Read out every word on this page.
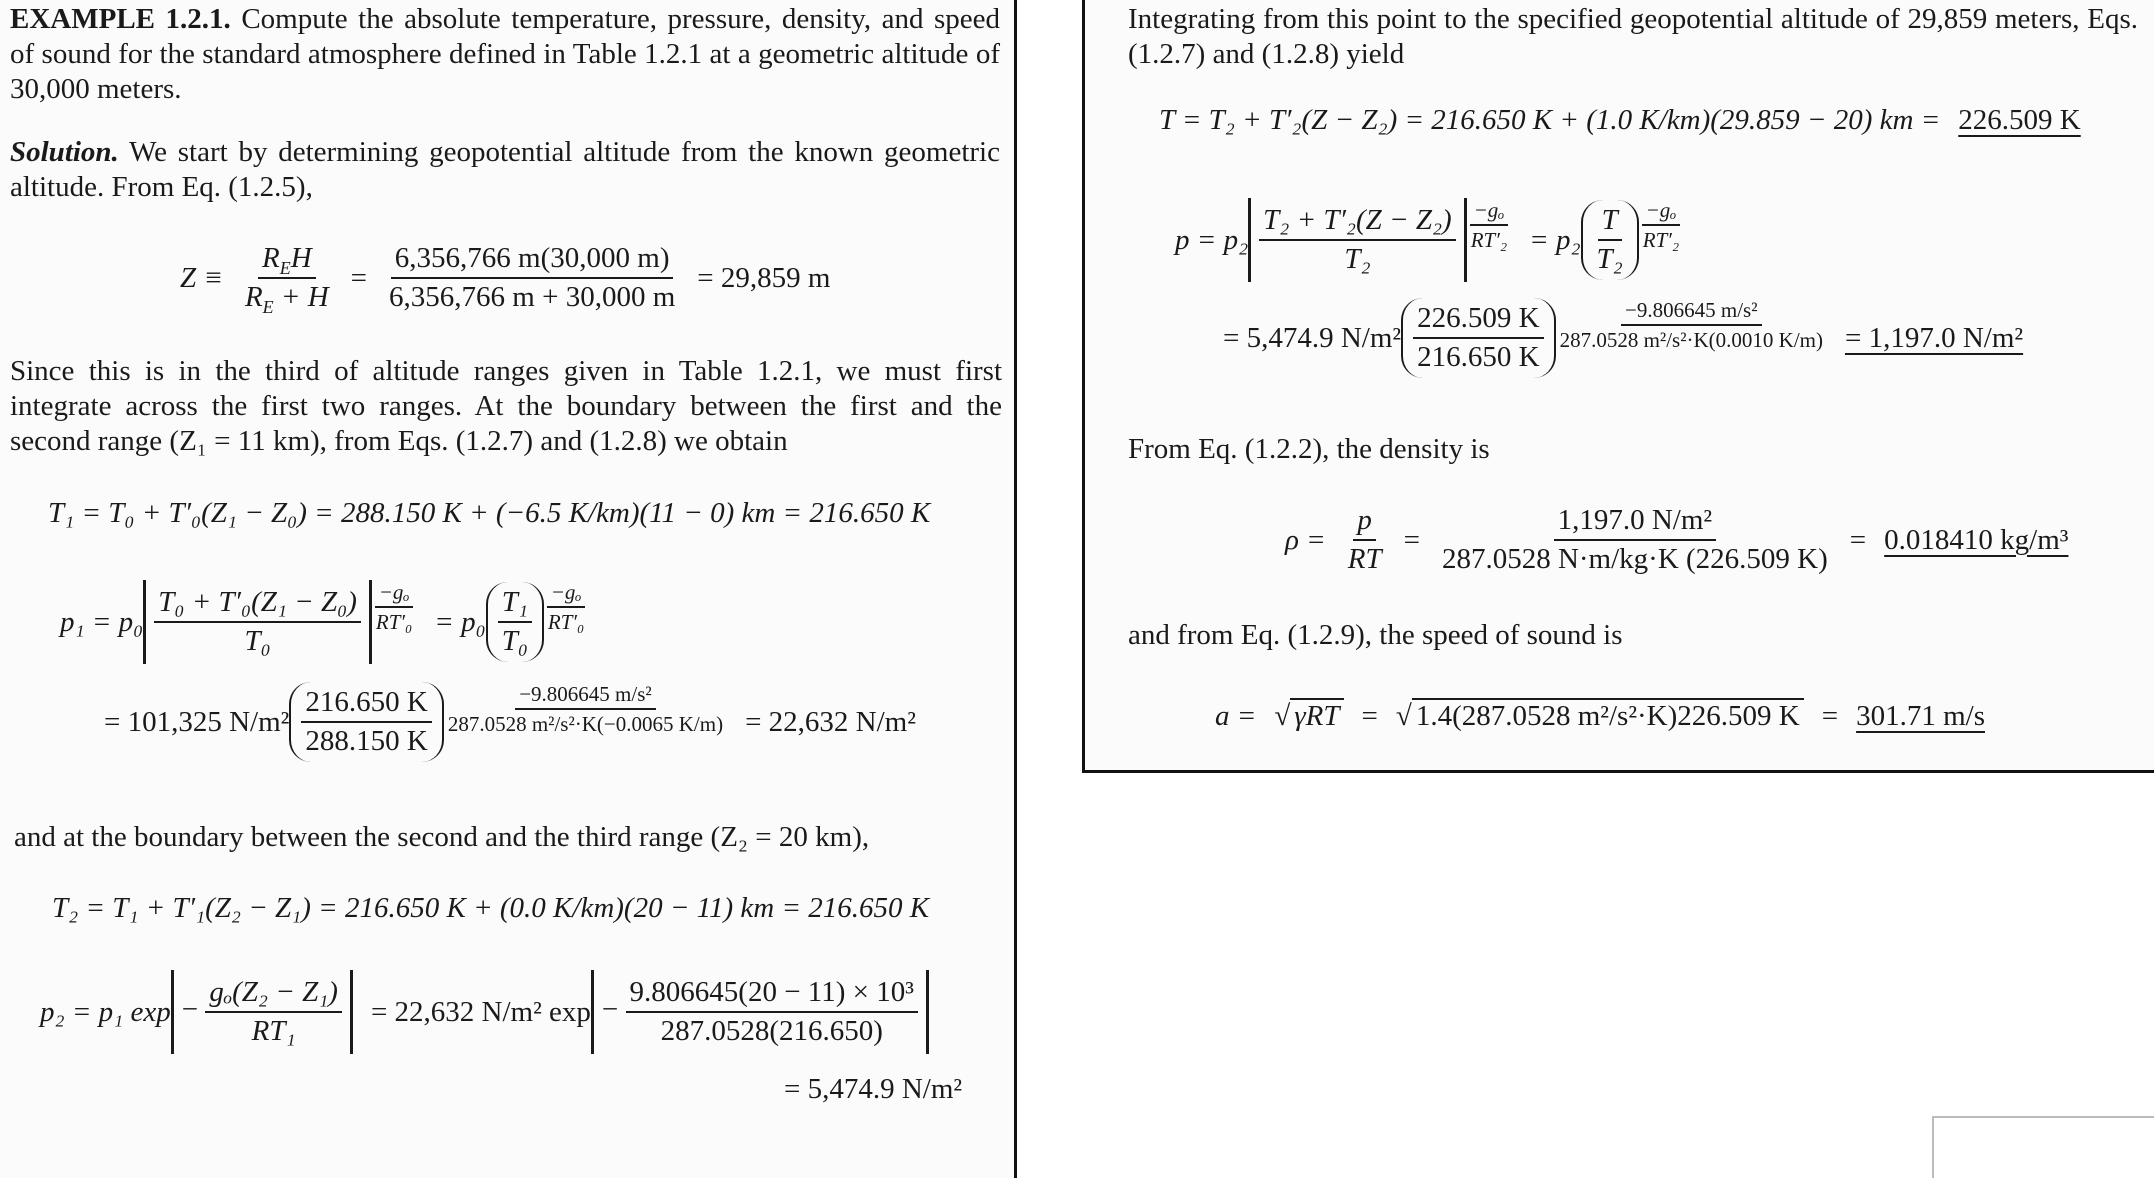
EXAMPLE 1.2.1. Compute the absolute temperature, pressure, density, and speed of sound for the standard atmosphere defined in Table 1.2.1 at a geometric altitude of 30,000 meters.
Solution. We start by determining geopotential altitude from the known geometric altitude. From Eq. (1.2.5),
$Z \equiv \frac{R_EH}{R_E + H} = \frac{6,356,766 m(30,000 m)}{6,356,766 m + 30,000 m} = 29,859$ m
Since this is in the third of altitude ranges given in Table 1.2.1, we must first integrate across the first two ranges. At the boundary between the first and the second range (Z₁ = 11 km), from Eqs. (1.2.7) and (1.2.8) we obtain
T₁ = T₀ + T′₀(Z₁ − Z₀) = 288.150 K + (−6.5 K/km)(11 − 0) km = 216.650 K
$p_1 = p_0 \frac{\text{T₀ + T′₀(Z₁ − Z₀)}}{\text{T₀}} \frac{\text{−gₒ}}{\text{RT′₀}} = p_0 \frac{\text{T₁}}{\text{T₀}} \frac{\text{−gₒ}}{\text{RT′₀}}$
= 101,325 $N/m^2 \frac{216.650 K}{288.150 K} \frac{\text{−9.806645 m/s²}}{\text{287.0528 m²/s²·K(−0.0065 K/m)}} = 22,632$ N/m²
and at the boundary between the second and the third range (Z₂ = 20 km),
T₂ = T₁ + T′₁(Z₂ − Z₁) = 216.650 K + (0.0 K/km)(20 − 11) km = 216.650 K
p₂ = p₁ $\exp - \frac{\text{gₒ(Z₂ − Z₁)}}{\text{RT₁}} = 22,632$ N/m² $\exp - \frac{\text{9.806645(20 − 11) × 10³}}{287.0528(216.650)}$
= 5,474.9 N/m²
Integrating from this point to the specified geopotential altitude of 29,859 meters, Eqs. (1.2.7) and (1.2.8) yield
T = T₂ + T′₂(Z − Z₂) = 216.650 K + (1.0 K/km)(29.859 − 20) km = 226.509 K
$p = p_2 \frac{\text{T₂ + T′₂(Z − Z₂)}}{\text{T₂}} \frac{\text{−gₒ}}{\text{RT′₂}} = p_2 \frac{T}{\text{T₂}} \frac{\text{−gₒ}}{\text{RT′₂}}$
= 5,474.9 $N/m^2 \frac{226.509 K}{216.650 K} \frac{\text{−9.806645 m/s²}}{\text{287.0528 m²/s²·K(0.0010 K/m)}} = 1,197.0$ N/m²
From Eq. (1.2.2), the density is
$\rho = \frac{p}{RT} = \frac{\text{1,197.0 N/m²}}{287.0528 N\cdot m/kg\cdot K (226.509 K)} = 0.018410$ kg/m³
and from Eq. (1.2.9), the speed of sound is
a = √ γRT = √ 1.4(287.0528 m²/s²·K)226.509 K = 301.71 m/s
